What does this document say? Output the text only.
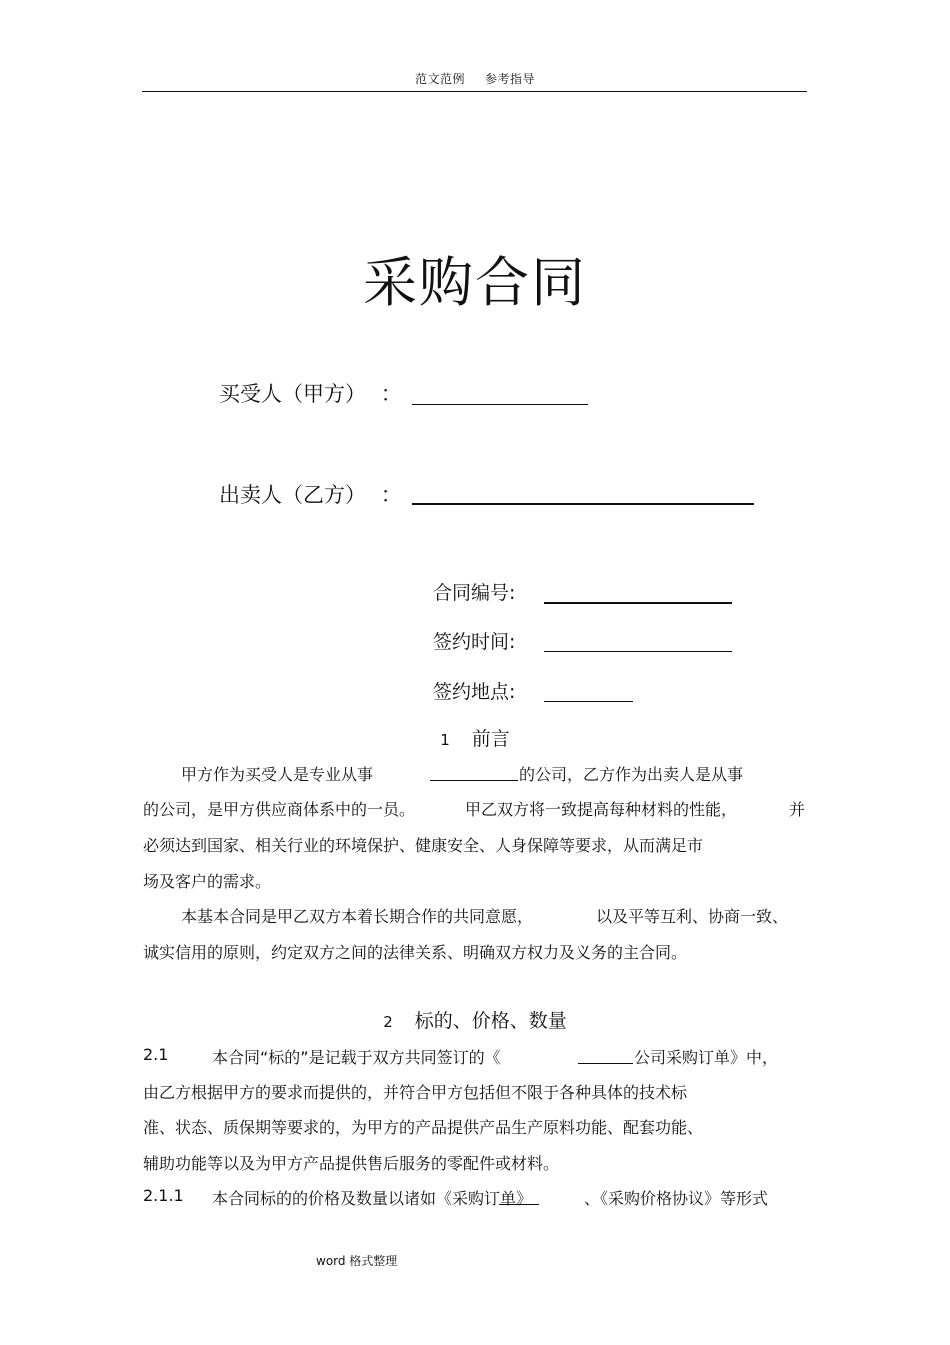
范文范例 参考指导
采购合同
买受人（甲方） ：
出卖人（乙方） ：
合同编号:
签约时间:
签约地点:
1 前言
甲方作为买受人是专业从事	的公司，乙方作为出卖人是从事
的公司，是甲方供应商体系中的一员。	甲乙双方将一致提高每种材料的性能，	并
必须达到国家、相关行业的环境保护、健康安全、人身保障等要求，从而满足市
场及客户的需求。
本基本合同是甲乙双方本着长期合作的共同意愿，	以及平等互利、协商一致、
诚实信用的原则，约定双方之间的法律关系、明确双方权力及义务的主合同。
2 标的、价格、数量
2.1	本合同“标的”是记载于双方共同签订的《	公司采购订单》中，
由乙方根据甲方的要求而提供的，并符合甲方包括但不限于各种具体的技术标
准、状态、质保期等要求的，为甲方的产品提供产品生产原料功能、配套功能、
辅助功能等以及为甲方产品提供售后服务的零配件或材料。
2.1.1 本合同标的的价格及数量以诸如《采购订单》	、《采购价格协议》等形式
word 格式整理
